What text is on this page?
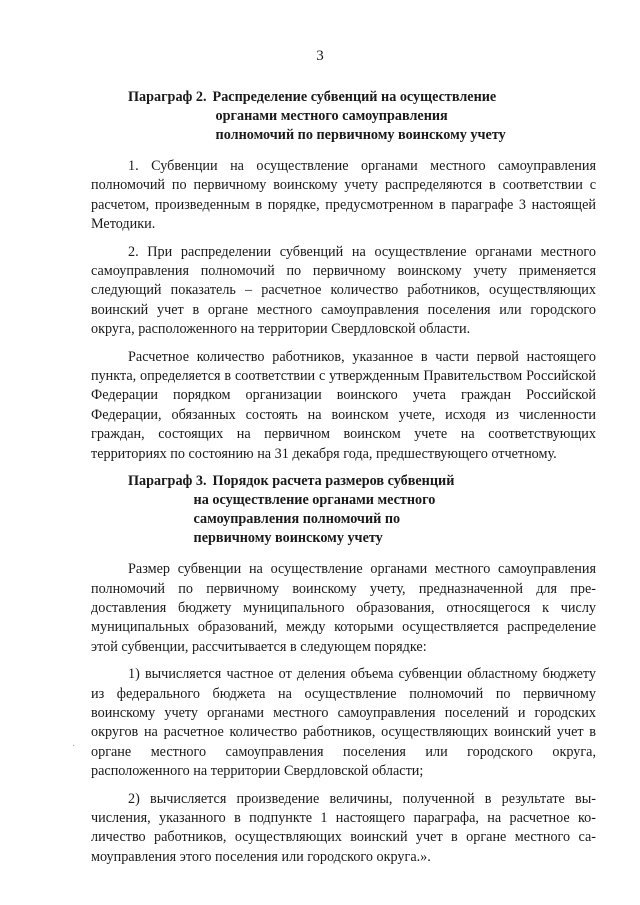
3
Параграф 2. Распределение субвенций на осуществление
органами местного самоуправления
полномочий по первичному воинскому учету

1. Субвенции на осуществление органами местного самоуправления полномочий по первичному воинскому учету распределяются в соответствии с расчетом, произведенным в порядке, предусмотренном в параграфе 3 настоящей Методики.

2. При распределении субвенций на осуществление органами местного самоуправления полномочий по первичному воинскому учету применяется следующий показатель – расчетное количество работников, осуществляющих воинский учет в органе местного самоуправления поселения или городского округа, расположенного на территории Свердловской области.

Расчетное количество работников, указанное в части первой настоящего пункта, определяется в соответствии с утвержденным Правительством Российской Федерации порядком организации воинского учета граждан Российской Федерации, обязанных состоять на воинском учете, исходя из численности граждан, состоящих на первичном воинском учете на соответствующих территориях по состоянию на 31 декабря года, предшествующего отчетному.

Параграф 3. Порядок расчета размеров субвенций
на осуществление органами местного
самоуправления полномочий по
первичному воинскому учету

Размер субвенции на осуществление органами местного самоуправления полномочий по первичному воинскому учету, предназначенной для предоставления бюджету муниципального образования, относящегося к числу муниципальных образований, между которыми осуществляется распределение этой субвенции, рассчитывается в следующем порядке:

1) вычисляется частное от деления объема субвенции областному бюджету из федерального бюджета на осуществление полномочий по первичному воинскому учету органами местного самоуправления поселений и городских округов на расчетное количество работников, осуществляющих воинский учет в органе местного самоуправления поселения или городского округа, расположенного на территории Свердловской области;

2) вычисляется произведение величины, полученной в результате вычисления, указанного в подпункте 1 настоящего параграфа, на расчетное количество работников, осуществляющих воинский учет в органе местного самоуправления этого поселения или городского округа.».

·
